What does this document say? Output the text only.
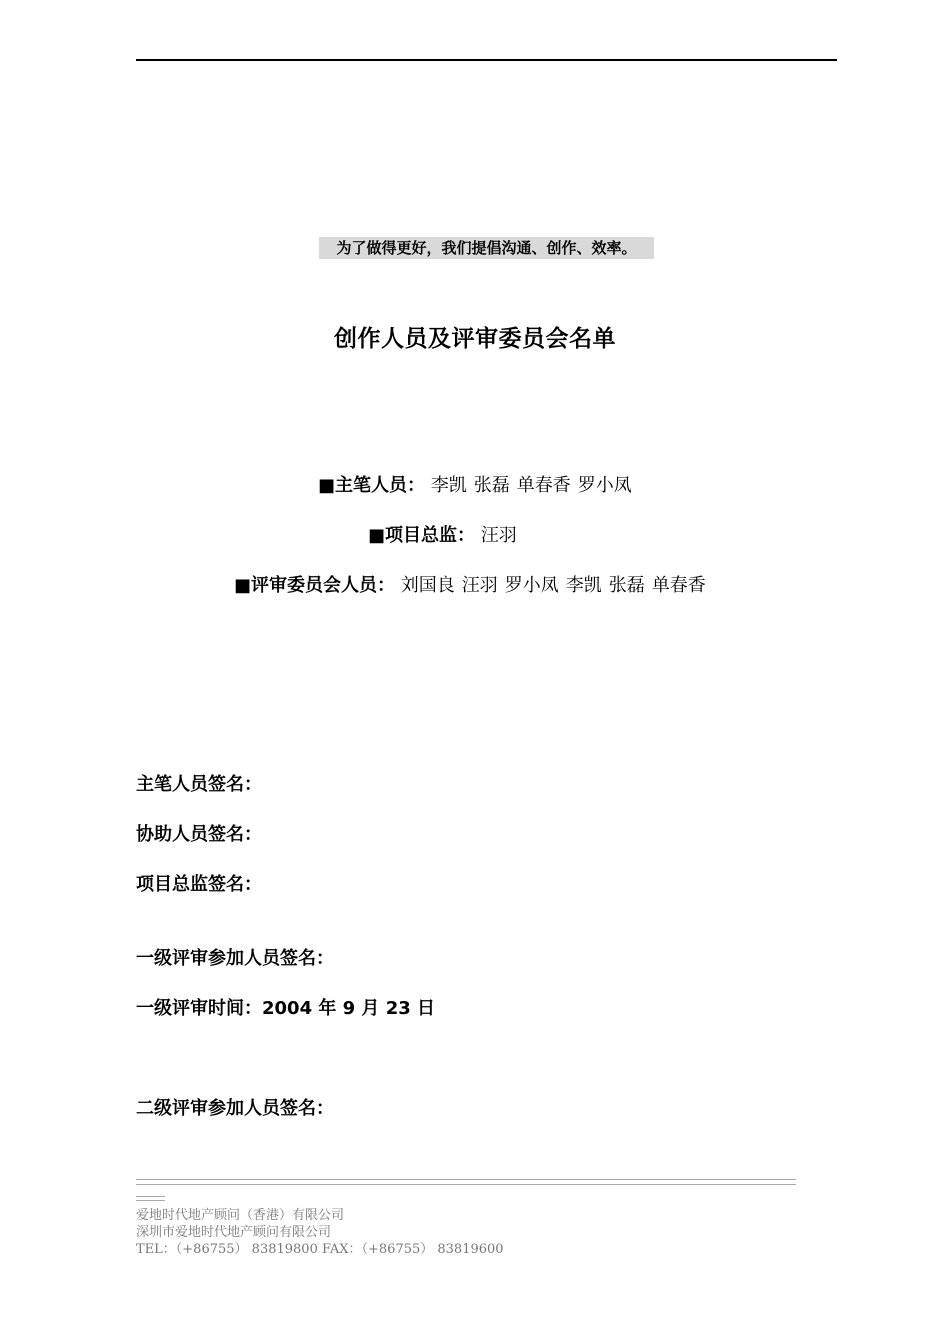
为了做得更好，我们提倡沟通、创作、效率。
创作人员及评审委员会名单
■主笔人员： 李凯 张磊 单春香 罗小凤
■项目总监： 汪羽
■评审委员会人员： 刘国良 汪羽 罗小凤 李凯 张磊 单春香
主笔人员签名：
协助人员签名：
项目总监签名：
一级评审参加人员签名：
一级评审时间：2004 年 9 月 23 日
二级评审参加人员签名：
爱地时代地产顾问（香港）有限公司
深圳市爱地时代地产顾问有限公司
TEL：（+86755） 83819800 FAX：（+86755） 83819600
